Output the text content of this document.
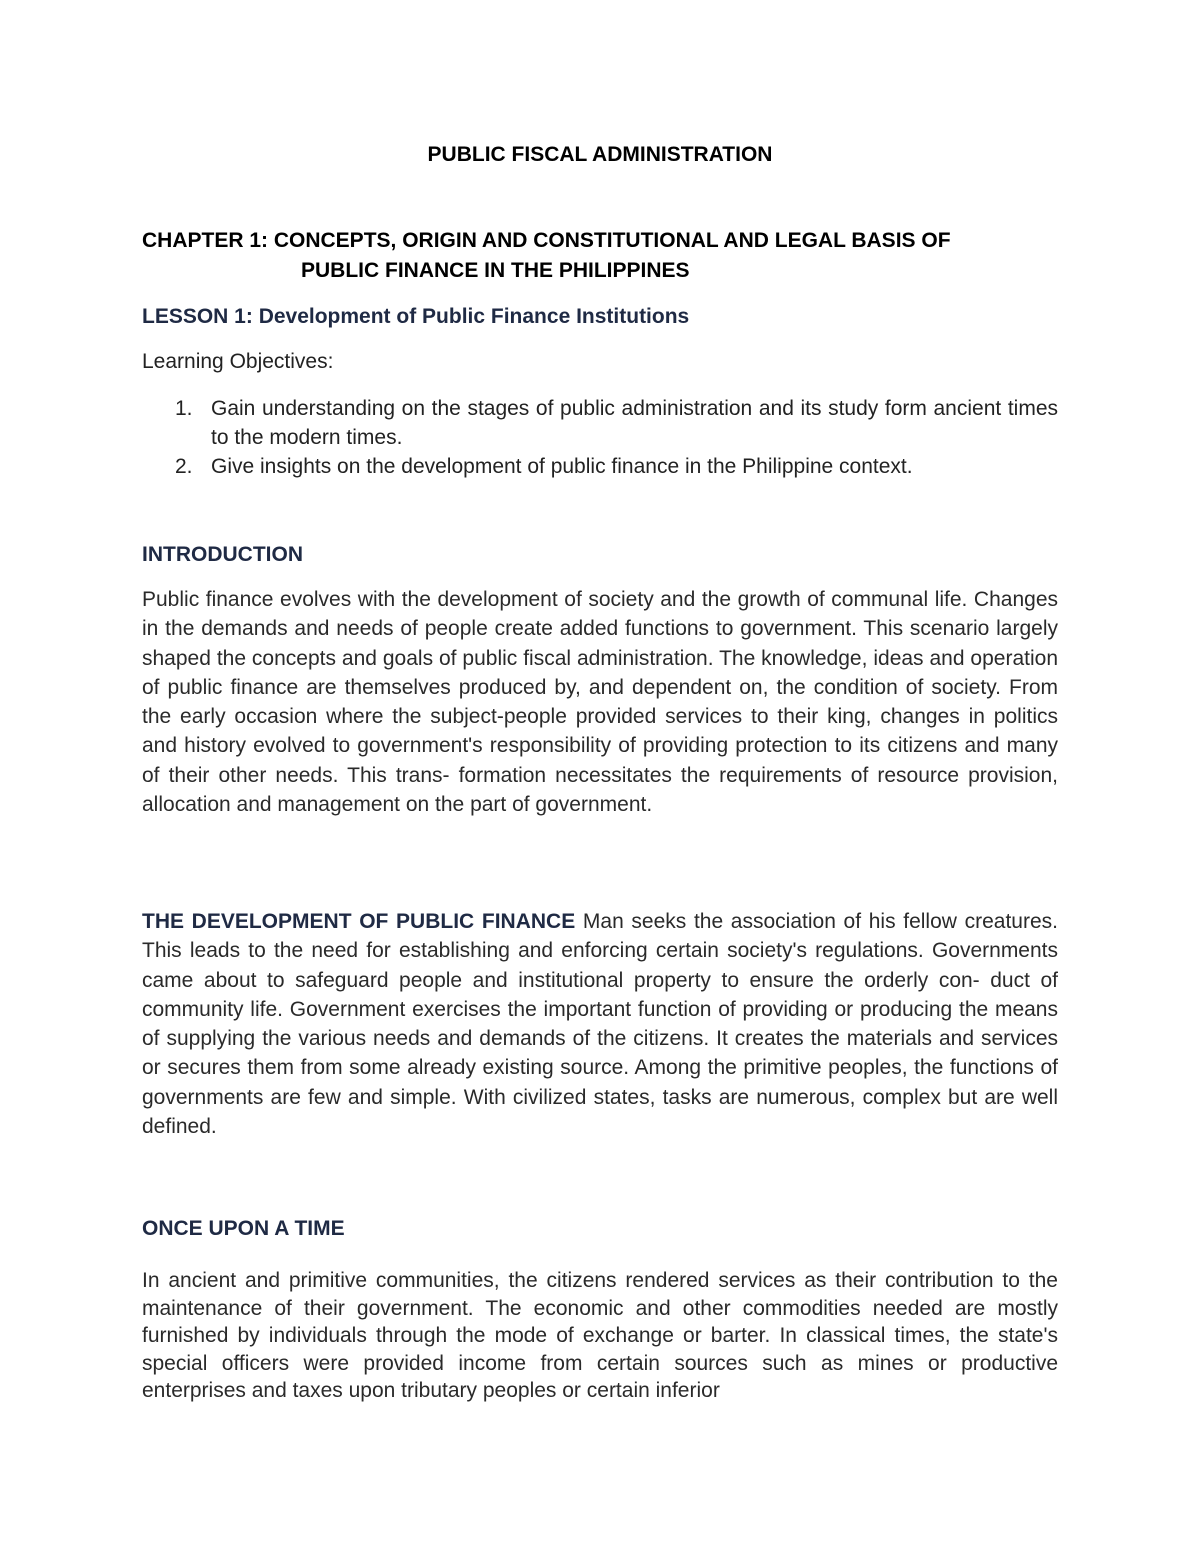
PUBLIC FISCAL ADMINISTRATION
CHAPTER 1: CONCEPTS, ORIGIN AND CONSTITUTIONAL AND LEGAL BASIS OF
PUBLIC FINANCE IN THE PHILIPPINES
LESSON 1: Development of Public Finance Institutions
Learning Objectives:
1. Gain understanding on the stages of public administration and its study form ancient times to the modern times.
2. Give insights on the development of public finance in the Philippine context.
INTRODUCTION

Public finance evolves with the development of society and the growth of communal life. Changes in the demands and needs of people create added functions to government. This scenario largely shaped the concepts and goals of public fiscal administration. The knowledge, ideas and operation of public finance are themselves produced by, and dependent on, the condition of society. From the early occasion where the subject-people provided services to their king, changes in politics and history evolved to government's responsibility of providing protection to its citizens and many of their other needs. This trans- formation necessitates the requirements of resource provision, allocation and management on the part of government.

THE DEVELOPMENT OF PUBLIC FINANCE Man seeks the association of his fellow creatures. This leads to the need for establishing and enforcing certain society's regulations. Governments came about to safeguard people and institutional property to ensure the orderly con- duct of community life. Government exercises the important function of providing or producing the means of supplying the various needs and demands of the citizens. It creates the materials and services or secures them from some already existing source. Among the primitive peoples, the functions of governments are few and simple. With civilized states, tasks are numerous, complex but are well defined.

ONCE UPON A TIME

In ancient and primitive communities, the citizens rendered services as their contribution to the maintenance of their government. The economic and other commodities needed are mostly furnished by individuals through the mode of exchange or barter. In classical times, the state's special officers were provided income from certain sources such as mines or productive enterprises and taxes upon tributary peoples or certain inferior
